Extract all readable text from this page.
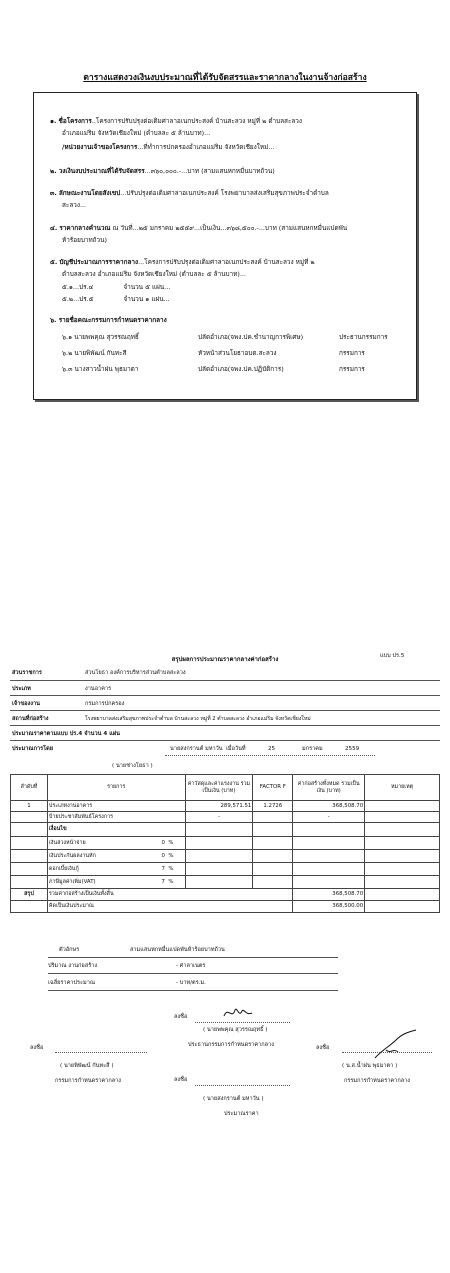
ตารางแสดงวงเงินงบประมาณที่ได้รับจัดสรรและราคากลางในงานจ้างก่อสร้าง
๑. ชื่อโครงการ..โครงการปรับปรุงต่อเติมศาลาอเนกประสงค์ บ้านสะลวง หมู่ที่ ๒ ตำบลสะลวง
อำเภอแม่ริม จังหวัดเชียงใหม่ (ตำบลละ ๕ ล้านบาท)...
/หน่วยงานเจ้าของโครงการ...ที่ทำการปกครองอำเภอแม่ริม จังหวัดเชียงใหม่...
๒. วงเงินงบประมาณที่ได้รับจัดสรร...๓๖๐,๐๐๐.-...บาท (สามแสนหกหมื่นบาทถ้วน)
๓. ลักษณะงานโดยสังเขป...ปรับปรุงต่อเติมศาลาอเนกประสงค์ โรงพยาบาลส่งเสริมสุขภาพประจำตำบล
สะลวง...
๔. ราคากลางคำนวณ ณ วันที่...๒๕ มกราคม ๒๕๕๙...เป็นเงิน...๓๖๘,๕๐๐.-...บาท (สามแสนหกหมื่นแปดพัน
ห้าร้อยบาทถ้วน)
๕. บัญชีประมาณการราคากลาง...โครงการปรับปรุงต่อเติมศาลาอเนกประสงค์ บ้านสะลวง หมู่ที่ ๒
ตำบลสะลวง อำเภอแม่ริม จังหวัดเชียงใหม่ (ตำบลละ ๕ ล้านบาท)...
๕.๑...ปร.๔	จำนวน ๕ แผ่น...
๕.๒...ปร.๕	จำนวน ๑ แผ่น...
๖. รายชื่อคณะกรรมการกำหนดราคากลาง
๖.๑ นายพพคุณ สุวรรณฤทธิ์	ปลัดอำเภอ(จพง.ปค.ชำนาญการพิเศษ)	ประธานกรรมการ
๖.๒ นายพิพัฒน์ กันทะสี	หัวหน้าส่วนโยธาอบต.สะลวง	กรรมการ
๖.๓ นางสาวน้ำฝน พุธมาตา	ปลัดอำเภอ(จพง.ปค.ปฏิบัติการ)	กรรมการ
แบบ ปร.5
สรุปผลการประมาณราคากลางค่าก่อสร้าง
ส่วนราชการ	ส่วนโยธา องค์การบริหารส่วนตำบลสะลวง
ประเภท	งานอาคาร
เจ้าของงาน	กรมการปกครอง
สถานที่ก่อสร้าง	โรงพยาบาลส่งเสริมสุขภาพประจำตำบล บ้านสะลวง หมู่ที่ 2 ตำบลสะลวง อำเภอแม่ริม จังหวัดเชียงใหม่
ประมาณราคาตามแบบ ปร.4 จำนวน 4 แผ่น
ประมาณการโดย	นายสงกรานต์ มหาวัน เมื่อวันที่	25	มกราคม	2559
( นายช่างโยธา )
ลำดับที่	รายการ	ค่าวัสดุและค่าแรงงาน รวมเป็นเงิน (บาท)	FACTOR F	ค่าก่อสร้างทั้งหมด รวมเป็นเงิน (บาท)	หมายเหตุ
1	ประเภทงานอาคาร	289,571.51	1.2726	368,508.70	
	ป้ายประชาสัมพันธ์โครงการ	-		-	
	เงื่อนไข				
	เงินล่วงหน้าจ่าย 0 %				

	เงินประกันผลงานหัก 0 %				

	ดอกเบี้ยเงินกู้ 7 %				

	ภาษีมูลค่าเพิ่ม(VAT) 7 %				

สรุป	รวมค่าก่อสร้างเป็นเงินทั้งสิ้น			368,508.70	
	คิดเป็นเงินประมาณ			368,500.00	
ตัวอักษร	สามแสนหกหมื่นแปดพันห้าร้อยบาทถ้วน
ปริมาณ งานก่อสร้าง	- ศาลาเนตร
เฉลี่ยราคาประมาณ	- บาท/ตร.ม.
ลงชื่อ
( นายพพคุณ สุวรรณฤทธิ์ )
ประธานกรรมการกำหนดราคากลาง
ลงชื่อ
( นายพิพัฒน์ กันทะสี )
กรรมการกำหนดราคากลาง
ลงชื่อ
( น.ส.น้ำฝน พุธมาตา )
กรรมการกำหนดราคากลาง
ลงชื่อ
( นายสงกรานต์ มหาวัน )
ประมาณราคา
